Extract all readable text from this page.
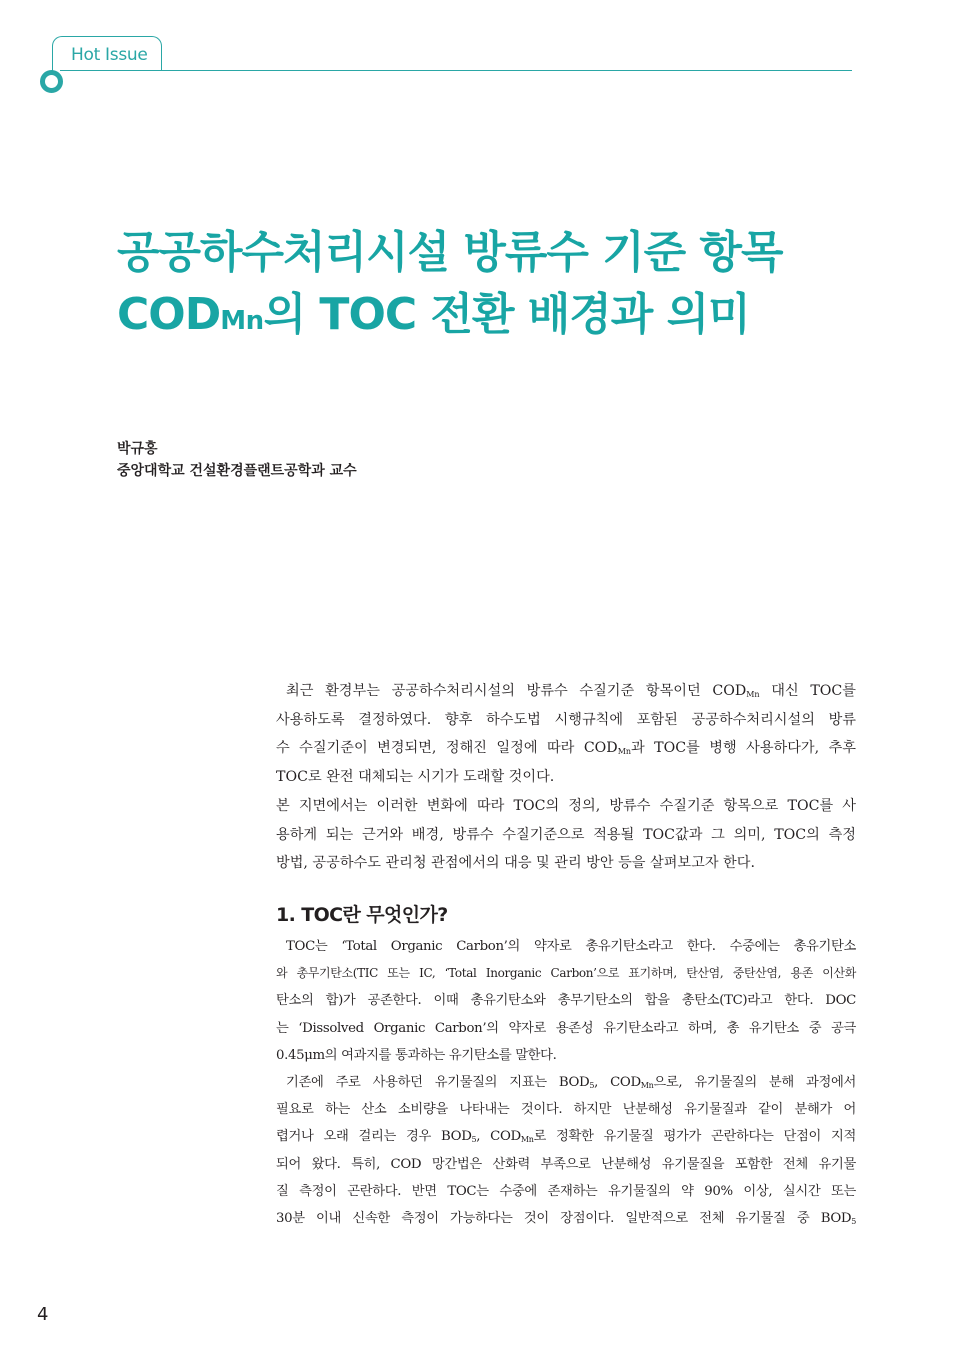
Hot Issue
공공하수처리시설 방류수 기준 항목
CODMn의 TOC 전환 배경과 의미
박규홍
중앙대학교 건설환경플랜트공학과 교수

최근 환경부는 공공하수처리시설의 방류수 수질기준 항목이던 $COD_{Mn}$ 대신 TOC를

사용하도록 결정하였다. 향후 하수도법 시행규칙에 포함된 공공하수처리시설의 방류

수 수질기준이 변경되면, 정해진 일정에 따라 $COD_{Mn}$과 TOC를 병행 사용하다가, 추후

TOC로 완전 대체되는 시기가 도래할 것이다.

본 지면에서는 이러한 변화에 따라 TOC의 정의, 방류수 수질기준 항목으로 TOC를 사

용하게 되는 근거와 배경, 방류수 수질기준으로 적용될 TOC값과 그 의미, TOC의 측정

방법, 공공하수도 관리청 관점에서의 대응 및 관리 방안 등을 살펴보고자 한다.

1. TOC란 무엇인가?

TOC는 ‘Total Organic Carbon’의 약자로 총유기탄소라고 한다. 수중에는 총유기탄소

와 총무기탄소(TIC 또는 IC, ‘Total Inorganic Carbon’으로 표기하며, 탄산염, 중탄산염, 용존 이산화

탄소의 합)가 공존한다. 이때 총유기탄소와 총무기탄소의 합을 총탄소(TC)라고 한다. DOC

는 ‘Dissolved Organic Carbon’의 약자로 용존성 유기탄소라고 하며, 총 유기탄소 중 공극

0.45μm의 여과지를 통과하는 유기탄소를 말한다.

기존에 주로 사용하던 유기물질의 지표는 $BOD_5$, $COD_{Mn}$으로, 유기물질의 분해 과정에서

필요로 하는 산소 소비량을 나타내는 것이다. 하지만 난분해성 유기물질과 같이 분해가 어

렵거나 오래 걸리는 경우 $BOD_5$, $COD_{Mn}$로 정확한 유기물질 평가가 곤란하다는 단점이 지적

되어 왔다. 특히, COD 망간법은 산화력 부족으로 난분해성 유기물질을 포함한 전체 유기물

질 측정이 곤란하다. 반면 TOC는 수중에 존재하는 유기물질의 약 90% 이상, 실시간 또는

30분 이내 신속한 측정이 가능하다는 것이 장점이다. 일반적으로 전체 유기물질 중 $BOD_5$

4
